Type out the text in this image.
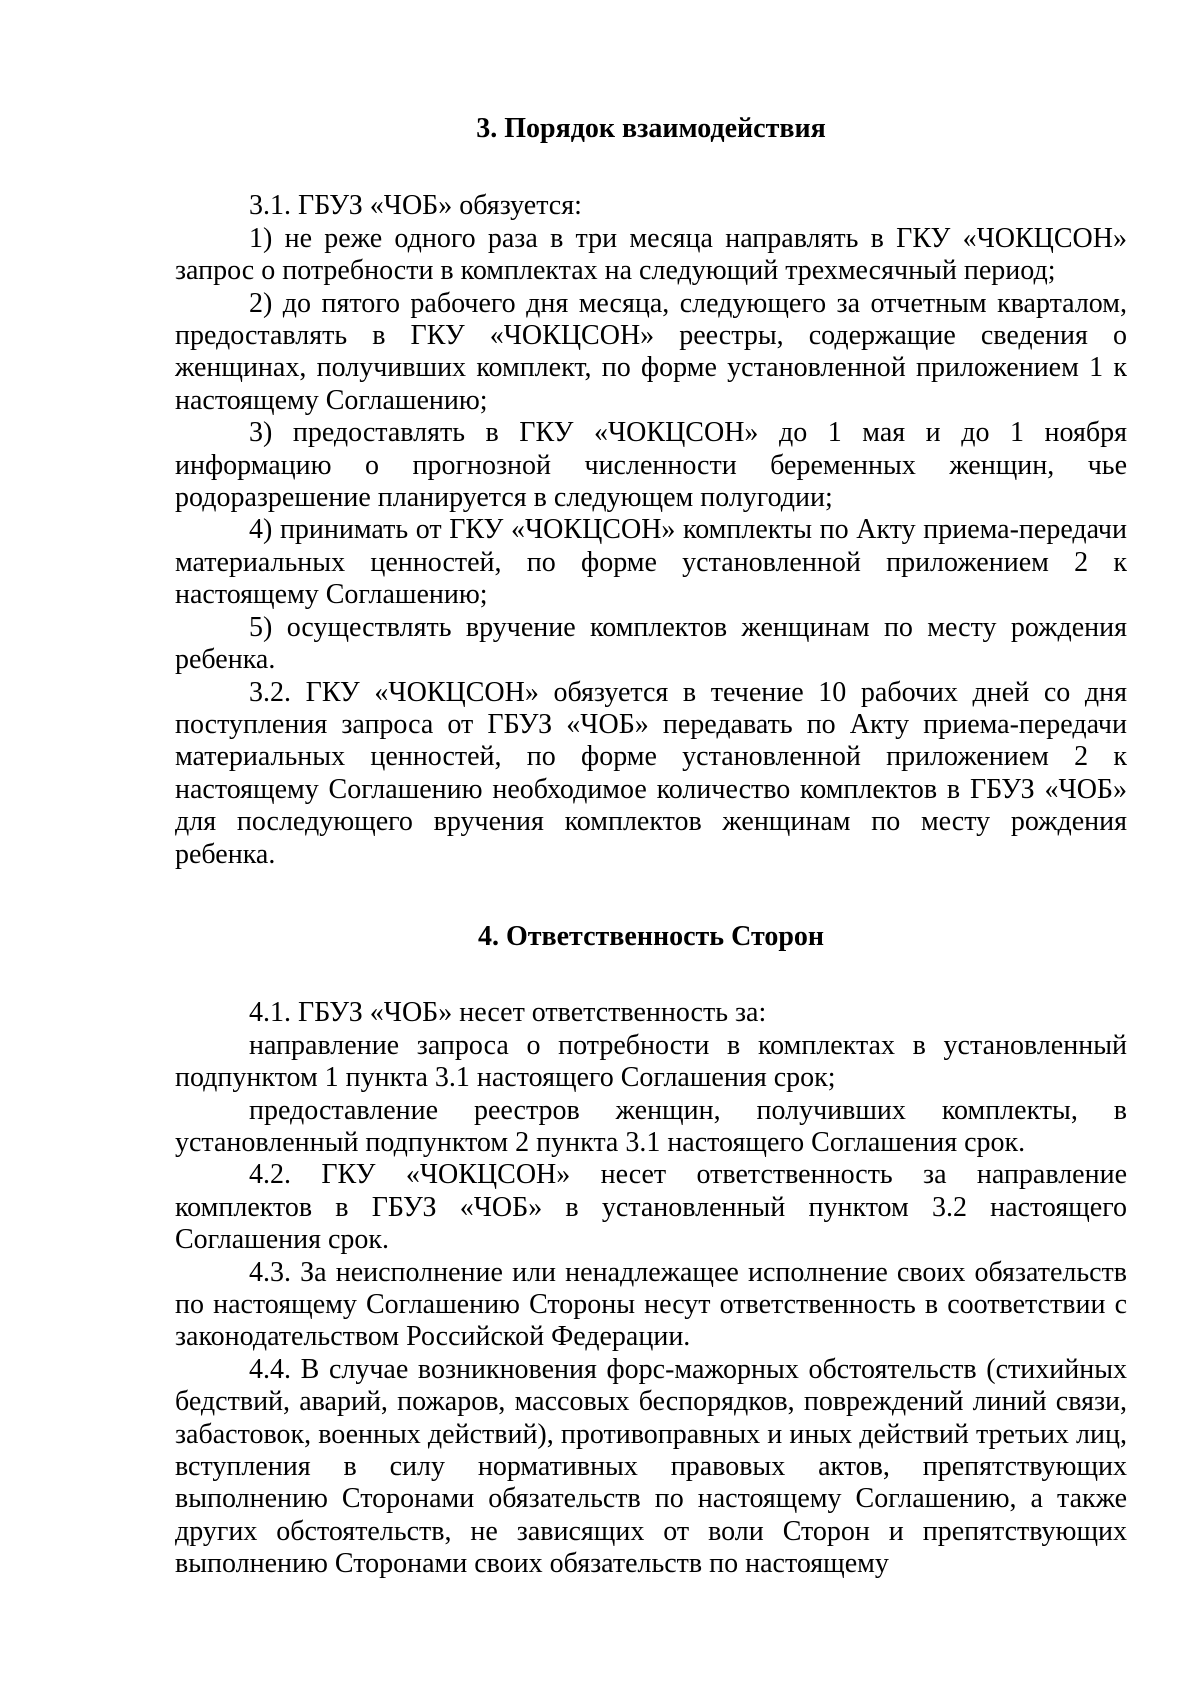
3. Порядок взаимодействия

3.1. ГБУЗ «ЧОБ» обязуется:

1) не реже одного раза в три месяца направлять в ГКУ «ЧОКЦСОН» запрос о потребности в комплектах на следующий трехмесячный период;

2) до пятого рабочего дня месяца, следующего за отчетным кварталом, предоставлять в ГКУ «ЧОКЦСОН» реестры, содержащие сведения о женщинах, получивших комплект, по форме установленной приложением 1 к настоящему Соглашению;

3) предоставлять в ГКУ «ЧОКЦСОН» до 1 мая и до 1 ноября информацию о прогнозной численности беременных женщин, чье родоразрешение планируется в следующем полугодии;

4) принимать от ГКУ «ЧОКЦСОН» комплекты по Акту приема-передачи материальных ценностей, по форме установленной приложением 2 к настоящему Соглашению;

5) осуществлять вручение комплектов женщинам по месту рождения ребенка.

3.2. ГКУ «ЧОКЦСОН» обязуется в течение 10 рабочих дней со дня поступления запроса от ГБУЗ «ЧОБ» передавать по Акту приема-передачи материальных ценностей, по форме установленной приложением 2 к настоящему Соглашению необходимое количество комплектов в ГБУЗ «ЧОБ» для последующего вручения комплектов женщинам по месту рождения ребенка.

4. Ответственность Сторон

4.1. ГБУЗ «ЧОБ» несет ответственность за:

направление запроса о потребности в комплектах в установленный подпунктом 1 пункта 3.1 настоящего Соглашения срок;

предоставление реестров женщин, получивших комплекты, в установленный подпунктом 2 пункта 3.1 настоящего Соглашения срок.

4.2. ГКУ «ЧОКЦСОН» несет ответственность за направление комплектов в ГБУЗ «ЧОБ» в установленный пунктом 3.2 настоящего Соглашения срок.

4.3. За неисполнение или ненадлежащее исполнение своих обязательств по настоящему Соглашению Стороны несут ответственность в соответствии с законодательством Российской Федерации.

4.4. В случае возникновения форс-мажорных обстоятельств (стихийных бедствий, аварий, пожаров, массовых беспорядков, повреждений линий связи, забастовок, военных действий), противоправных и иных действий третьих лиц, вступления в силу нормативных правовых актов, препятствующих выполнению Сторонами обязательств по настоящему Соглашению, а также других обстоятельств, не зависящих от воли Сторон и препятствующих выполнению Сторонами своих обязательств по настоящему
